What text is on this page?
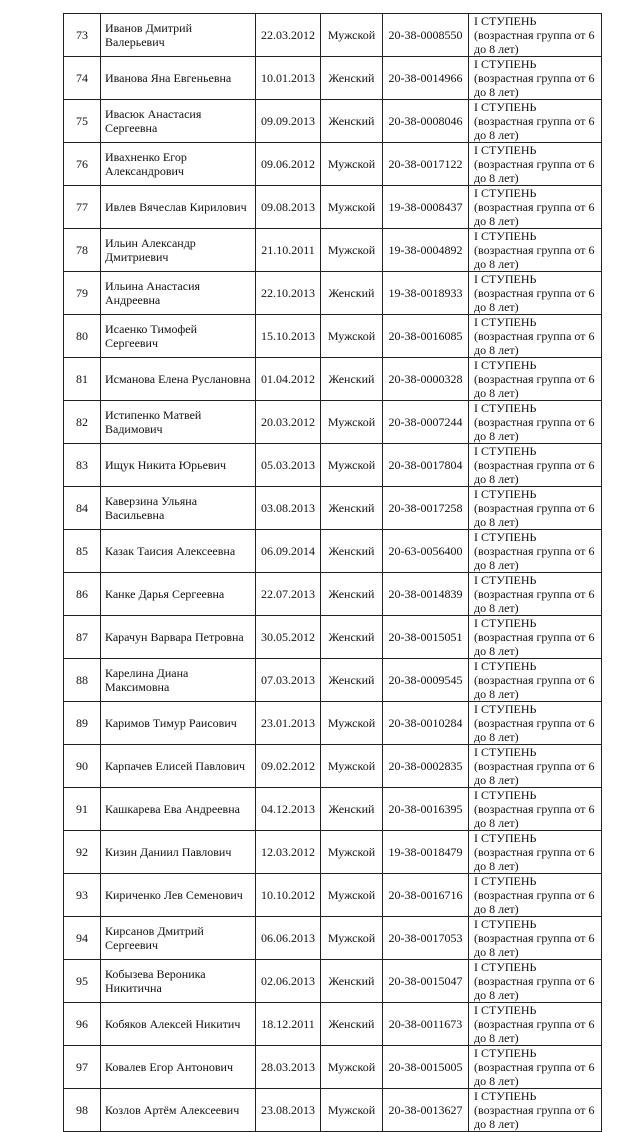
73	Иванов Дмитрий Валерьевич	22.03.2012	Мужской	20-38-0008550	I СТУПЕНЬ (возрастная группа от 6 до 8 лет)
74	Иванова Яна Евгеньевна	10.01.2013	Женский	20-38-0014966	I СТУПЕНЬ (возрастная группа от 6 до 8 лет)
75	Ивасюк Анастасия Сергеевна	09.09.2013	Женский	20-38-0008046	I СТУПЕНЬ (возрастная группа от 6 до 8 лет)
76	Ивахненко Егор Александрович	09.06.2012	Мужской	20-38-0017122	I СТУПЕНЬ (возрастная группа от 6 до 8 лет)
77	Ивлев Вячеслав Кирилович	09.08.2013	Мужской	19-38-0008437	I СТУПЕНЬ (возрастная группа от 6 до 8 лет)
78	Ильин Александр Дмитриевич	21.10.2011	Мужской	19-38-0004892	I СТУПЕНЬ (возрастная группа от 6 до 8 лет)
79	Ильина Анастасия Андреевна	22.10.2013	Женский	19-38-0018933	I СТУПЕНЬ (возрастная группа от 6 до 8 лет)
80	Исаенко Тимофей Сергеевич	15.10.2013	Мужской	20-38-0016085	I СТУПЕНЬ (возрастная группа от 6 до 8 лет)
81	Исманова Елена Руслановна	01.04.2012	Женский	20-38-0000328	I СТУПЕНЬ (возрастная группа от 6 до 8 лет)
82	Истипенко Матвей Вадимович	20.03.2012	Мужской	20-38-0007244	I СТУПЕНЬ (возрастная группа от 6 до 8 лет)
83	Ищук Никита Юрьевич	05.03.2013	Мужской	20-38-0017804	I СТУПЕНЬ (возрастная группа от 6 до 8 лет)
84	Каверзина Ульяна Васильевна	03.08.2013	Женский	20-38-0017258	I СТУПЕНЬ (возрастная группа от 6 до 8 лет)
85	Казак Таисия Алексеевна	06.09.2014	Женский	20-63-0056400	I СТУПЕНЬ (возрастная группа от 6 до 8 лет)
86	Канке Дарья Сергеевна	22.07.2013	Женский	20-38-0014839	I СТУПЕНЬ (возрастная группа от 6 до 8 лет)
87	Карачун Варвара Петровна	30.05.2012	Женский	20-38-0015051	I СТУПЕНЬ (возрастная группа от 6 до 8 лет)
88	Карелина Диана Максимовна	07.03.2013	Женский	20-38-0009545	I СТУПЕНЬ (возрастная группа от 6 до 8 лет)
89	Каримов Тимур Раисович	23.01.2013	Мужской	20-38-0010284	I СТУПЕНЬ (возрастная группа от 6 до 8 лет)
90	Карпачев Елисей Павлович	09.02.2012	Мужской	20-38-0002835	I СТУПЕНЬ (возрастная группа от 6 до 8 лет)
91	Кашкарева Ева Андреевна	04.12.2013	Женский	20-38-0016395	I СТУПЕНЬ (возрастная группа от 6 до 8 лет)
92	Кизин Даниил Павлович	12.03.2012	Мужской	19-38-0018479	I СТУПЕНЬ (возрастная группа от 6 до 8 лет)
93	Кириченко Лев Семенович	10.10.2012	Мужской	20-38-0016716	I СТУПЕНЬ (возрастная группа от 6 до 8 лет)
94	Кирсанов Дмитрий Сергеевич	06.06.2013	Мужской	20-38-0017053	I СТУПЕНЬ (возрастная группа от 6 до 8 лет)
95	Кобызева Вероника Никитична	02.06.2013	Женский	20-38-0015047	I СТУПЕНЬ (возрастная группа от 6 до 8 лет)
96	Кобяков Алексей Никитич	18.12.2011	Женский	20-38-0011673	I СТУПЕНЬ (возрастная группа от 6 до 8 лет)
97	Ковалев Егор Антонович	28.03.2013	Мужской	20-38-0015005	I СТУПЕНЬ (возрастная группа от 6 до 8 лет)
98	Козлов Артём Алексеевич	23.08.2013	Мужской	20-38-0013627	I СТУПЕНЬ (возрастная группа от 6 до 8 лет)
